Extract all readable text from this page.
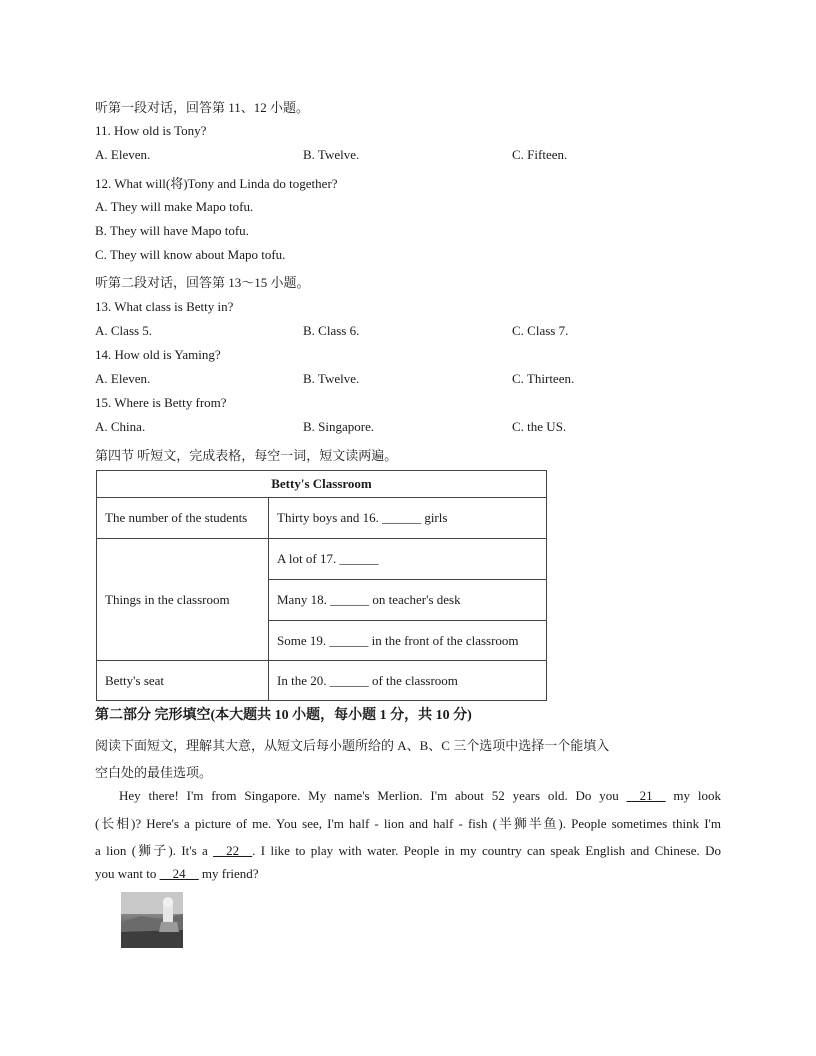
听第一段对话，回答第 11、12 小题。
11. How old is Tony?
A. Eleven.	B. Twelve.	C. Fifteen.
12. What will(将)Tony and Linda do together?
A. They will make Mapo tofu.
B. They will have Mapo tofu.
C. They will know about Mapo tofu.
听第二段对话，回答第 13～15 小题。
13. What class is Betty in?
A. Class 5.	B. Class 6.	C. Class 7.
14. How old is Yaming?
A. Eleven.	B. Twelve.	C. Thirteen.
15. Where is Betty from?
A. China.	B. Singapore.	C. the US.
第四节 听短文，完成表格，每空一词，短文读两遍。
Betty's Classroom	
The number of the students	Thirty boys and 16. ______ girls
Things in the classroom	A lot of 17. ______
	Many 18. ______ on teacher's desk
	Some 19. ______ in the front of the classroom
Betty's seat	In the 20. ______ of the classroom
第二部分 完形填空(本大题共 10 小题，每小题 1 分，共 10 分)
阅读下面短文，理解其大意，从短文后每小题所给的 A、B、C 三个选项中选择一个能填入
空白处的最佳选项。
Hey there! I'm from Singapore. My name's Merlion. I'm about 52 years old. Do you __21__ my look
(长相)? Here's a picture of me. You see, I'm half - lion and half - fish (半狮半鱼). People sometimes think I'm
a lion (狮子). It's a __22__. I like to play with water. People in my country can speak English and Chinese. Do
you want to __24__ my friend?
